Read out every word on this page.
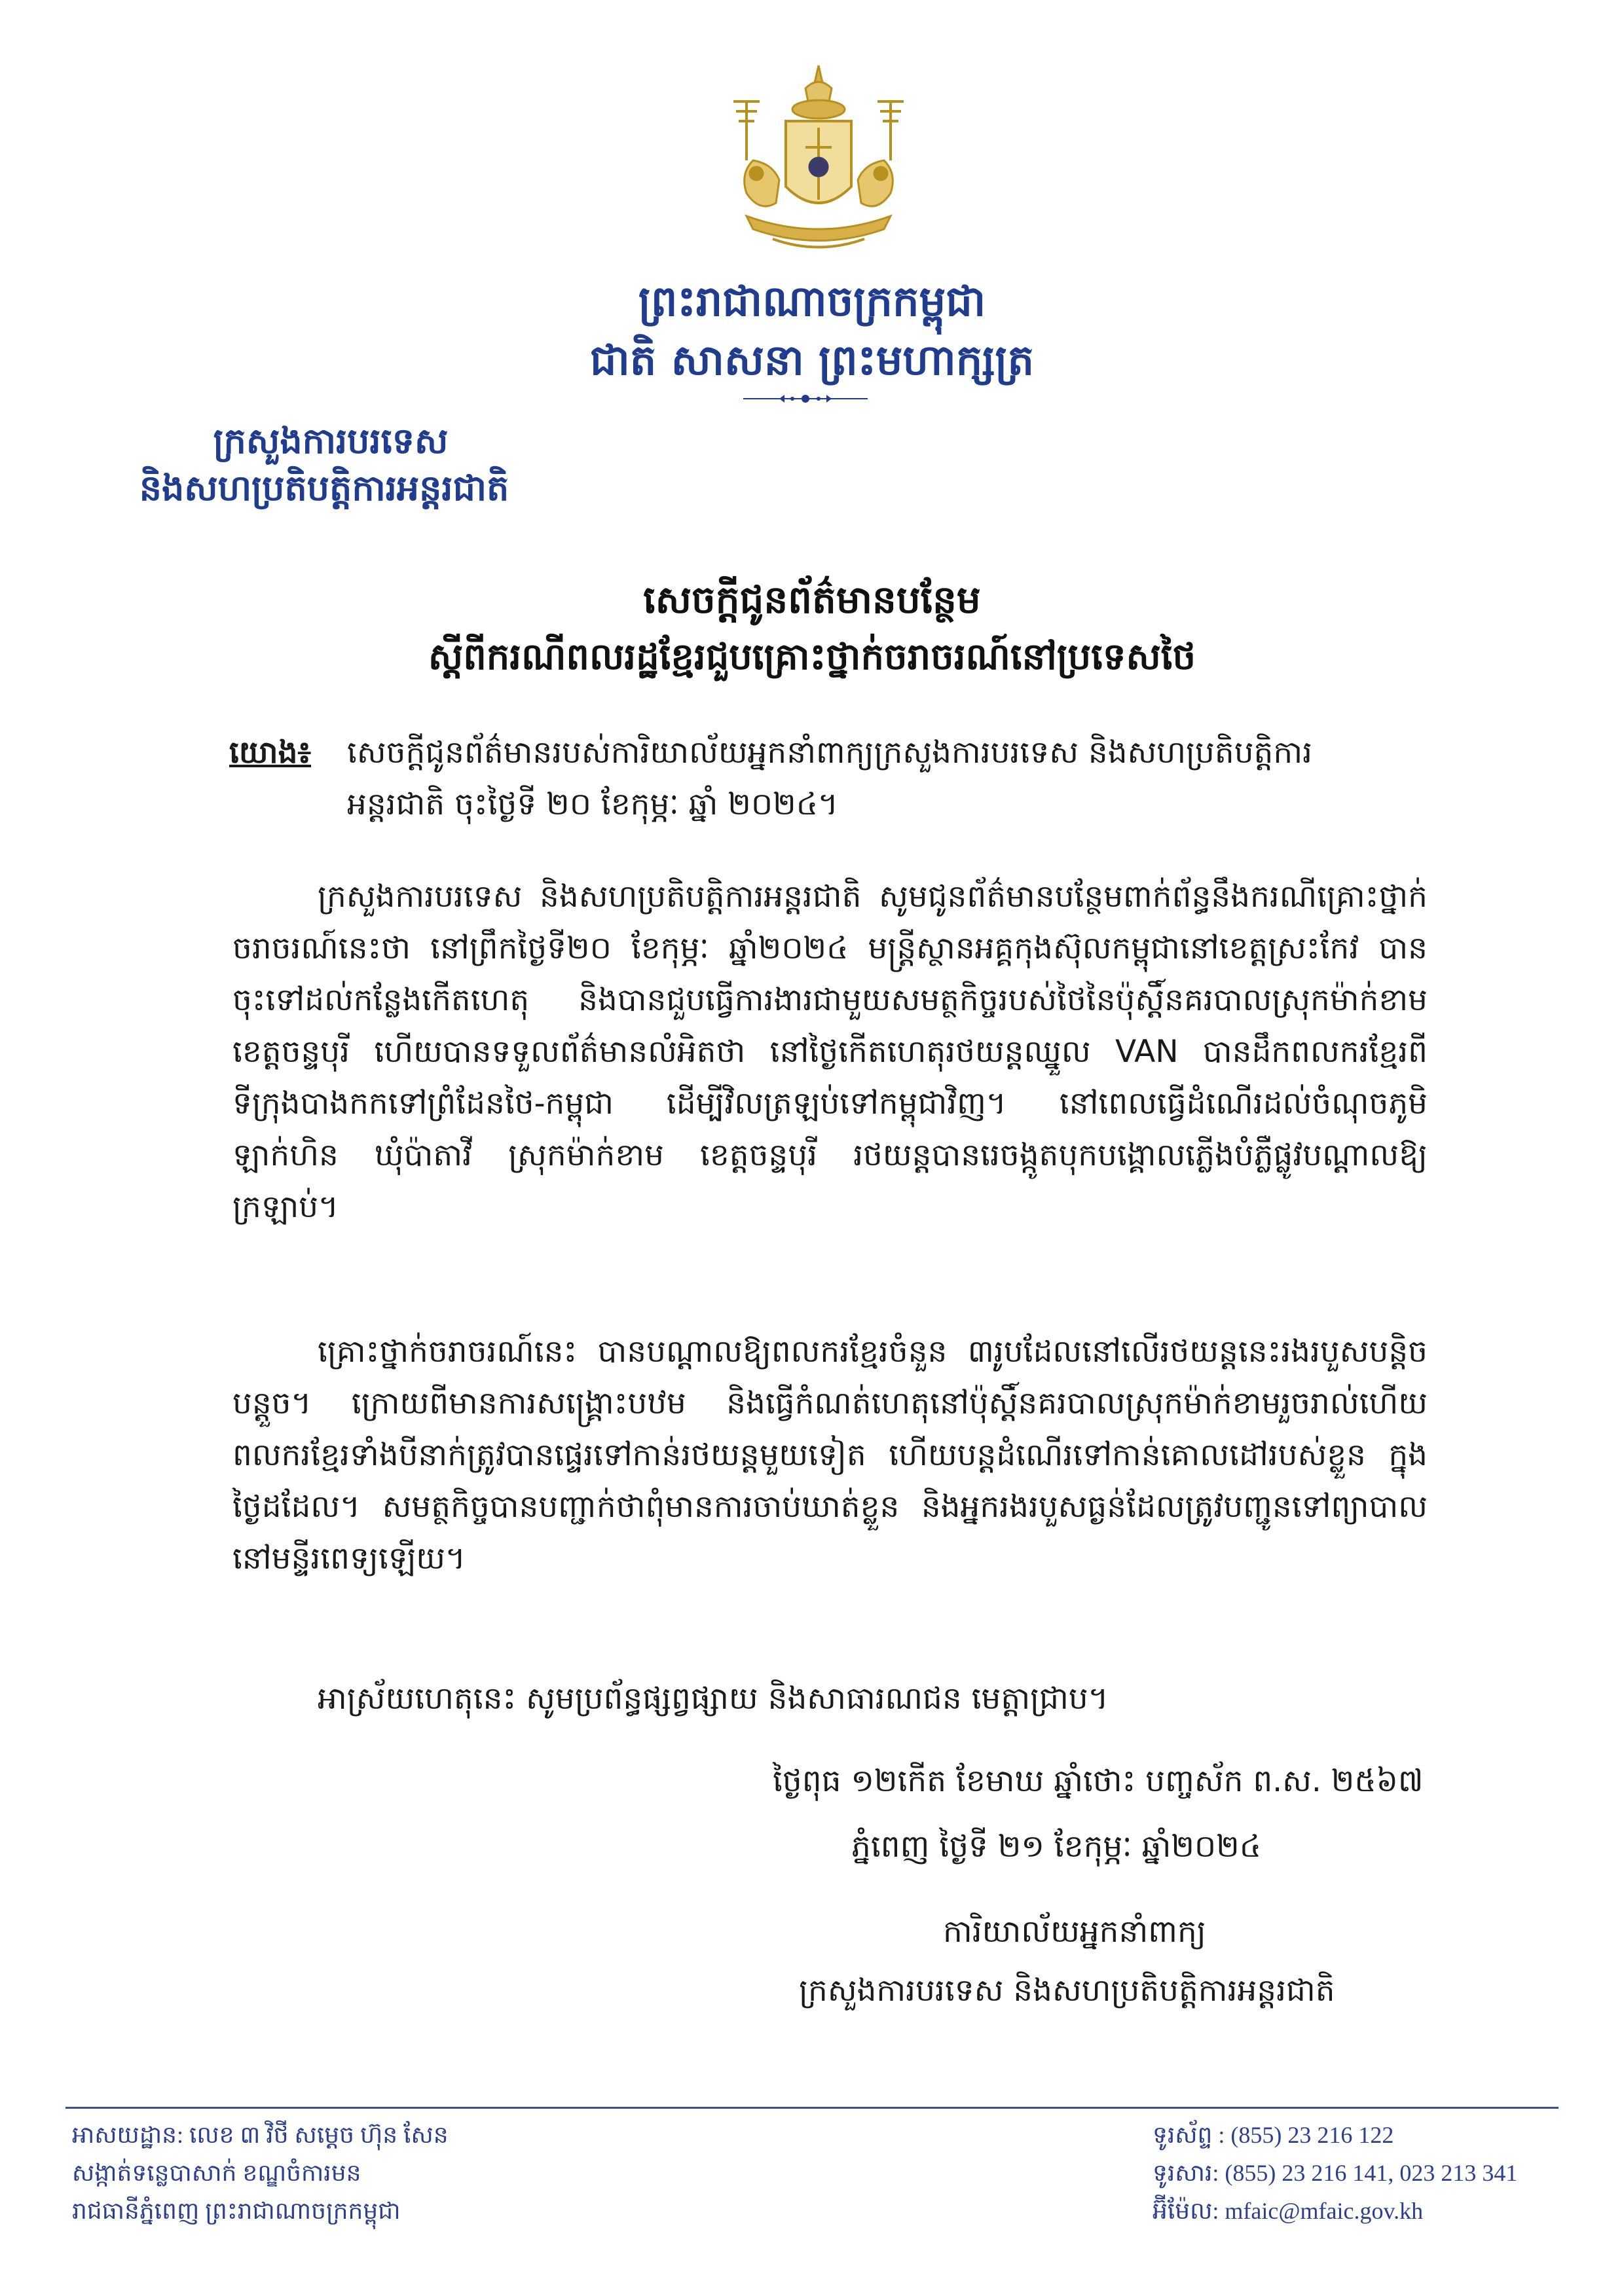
ព្រះរាជាណាចក្រកម្ពុជា
ជាតិ សាសនា ព្រះមហាក្សត្រ
ក្រសួងការបរទេស
និងសហប្រតិបត្តិការអន្តរជាតិ
សេចក្តីជូនព័ត៌មានបន្ថែម
ស្តីពីករណីពលរដ្ឋខ្មែរជួបគ្រោះថ្នាក់ចរាចរណ៍នៅប្រទេសថៃ
យោង៖	សេចក្តីជូនព័ត៌មានរបស់ការិយាល័យអ្នកនាំពាក្យក្រសួងការបរទេស និងសហប្រតិបត្តិការ

អន្តរជាតិ ចុះថ្ងៃទី ២០ ខែកុម្ភៈ ឆ្នាំ ២០២៤។

ក្រសួងការបរទេស និងសហប្រតិបត្តិការអន្តរជាតិ សូមជូនព័ត៌មានបន្ថែមពាក់ព័ន្ធនឹងករណីគ្រោះថ្នាក់ចរាចរណ៍នេះថា នៅព្រឹកថ្ងៃទី២០ ខែកុម្ភៈ ឆ្នាំ២០២៤ មន្ត្រីស្ថានអគ្គកុងស៊ុលកម្ពុជានៅខេត្តស្រះកែវ បានចុះទៅដល់កន្លែងកើតហេតុ និងបានជួបធ្វើការងារជាមួយសមត្ថកិច្ចរបស់ថៃនៃប៉ុស្តិ៍នគរបាលស្រុកម៉ាក់ខាម ខេត្តចន្ទបុរី ហើយបានទទួលព័ត៌មានលំអិតថា នៅថ្ងៃកើតហេតុរថយន្តឈ្នួល VAN បានដឹកពលករខ្មែរពីទីក្រុងបាងកកទៅព្រំដែនថៃ-កម្ពុជា ដើម្បីវិលត្រឡប់ទៅកម្ពុជាវិញ។ នៅពេលធ្វើដំណើរដល់ចំណុចភូមិឡាក់ហិន ឃុំប៉ាតាវី ស្រុកម៉ាក់ខាម ខេត្តចន្ទបុរី រថយន្តបានរេចង្កូតបុកបង្គោលភ្លើងបំភ្លឺផ្លូវបណ្តាលឱ្យក្រឡាប់។

គ្រោះថ្នាក់ចរាចរណ៍នេះ បានបណ្តាលឱ្យពលករខ្មែរចំនួន ៣រូបដែលនៅលើរថយន្តនេះរងរបួសបន្តិចបន្តួច។ ក្រោយពីមានការសង្គ្រោះបឋម និងធ្វើកំណត់ហេតុនៅប៉ុស្តិ៍នគរបាលស្រុកម៉ាក់ខាមរួចរាល់ហើយ ពលករខ្មែរទាំងបីនាក់ត្រូវបានផ្ទេរទៅកាន់រថយន្តមួយទៀត ហើយបន្តដំណើរទៅកាន់គោលដៅរបស់ខ្លួន ក្នុងថ្ងៃដដែល។ សមត្ថកិច្ចបានបញ្ជាក់ថាពុំមានការចាប់ឃាត់ខ្លួន និងអ្នករងរបួសធ្ងន់ដែលត្រូវបញ្ជូនទៅព្យាបាលនៅមន្ទីរពេទ្យឡើយ។

អាស្រ័យហេតុនេះ សូមប្រព័ន្ធផ្សព្វផ្សាយ និងសាធារណជន មេត្តាជ្រាប។

ថ្ងៃពុធ ១២កើត ខែមាឃ ឆ្នាំថោះ បញ្ចស័ក ព.ស. ២៥៦៧
ភ្នំពេញ ថ្ងៃទី ២១ ខែកុម្ភៈ ឆ្នាំ២០២៤
ការិយាល័យអ្នកនាំពាក្យ
ក្រសួងការបរទេស និងសហប្រតិបត្តិការអន្តរជាតិ
អាសយដ្ឋាន: លេខ ៣ វិថី សម្តេច ហ៊ុន សែន
សង្កាត់ទន្លេបាសាក់ ខណ្ឌចំការមន
រាជធានីភ្នំពេញ ព្រះរាជាណាចក្រកម្ពុជា
ទូរស័ព្ទ : (855) 23 216 122
ទូរសារ: (855) 23 216 141, 023 213 341
អ៊ីម៉ែល: mfaic@mfaic.gov.kh
